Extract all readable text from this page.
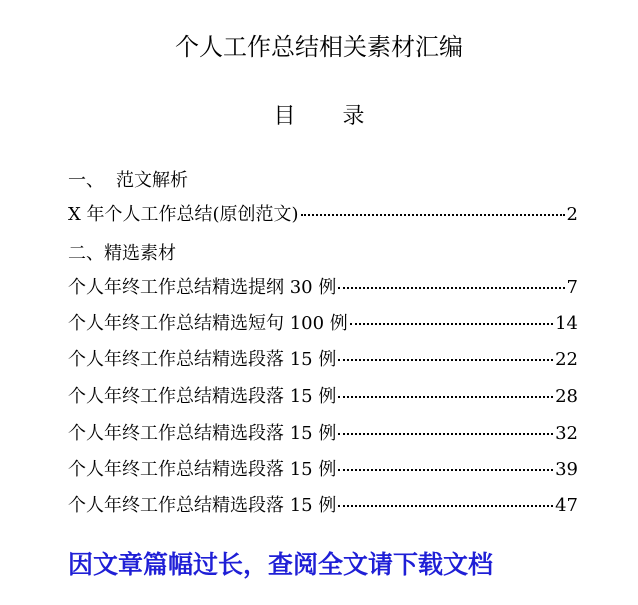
个人工作总结相关素材汇编
目 录
一、 范文解析
X 年个人工作总结(原创范文)	2
二、精选素材
个人年终工作总结精选提纲 30 例	7
个人年终工作总结精选短句 100 例	14
个人年终工作总结精选段落 15 例	22
个人年终工作总结精选段落 15 例	28
个人年终工作总结精选段落 15 例	32
个人年终工作总结精选段落 15 例	39
个人年终工作总结精选段落 15 例	47
因文章篇幅过长，查阅全文请下载文档
